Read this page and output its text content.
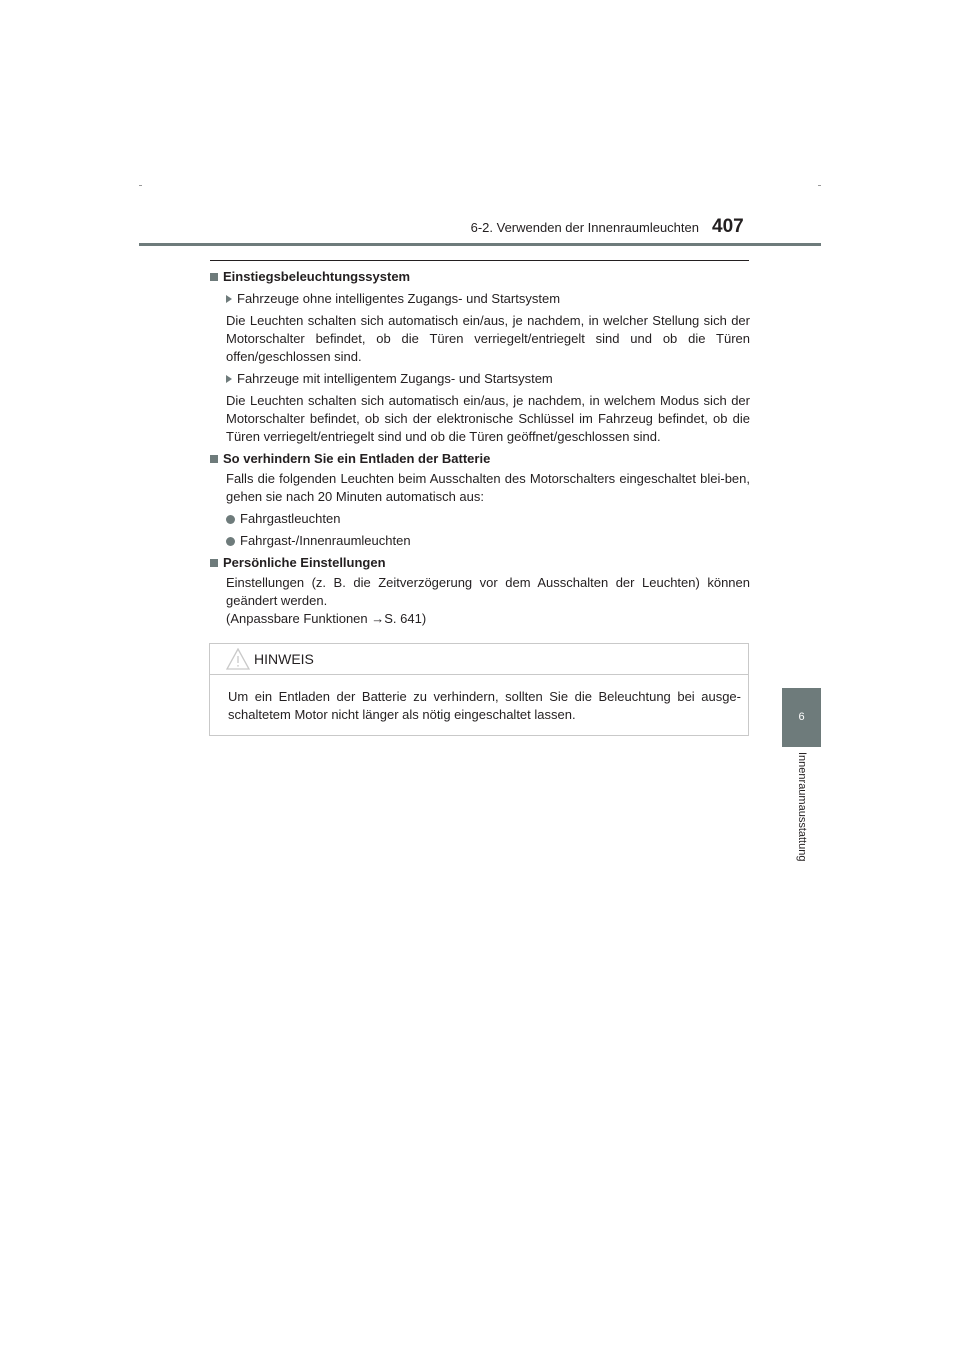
6-2. Verwenden der Innenraumleuchten 407
6
Innenraumausstattung

Einstiegsbeleuchtungssystem

Fahrzeuge ohne intelligentes Zugangs- und Startsystem

Die Leuchten schalten sich automatisch ein/aus, je nachdem, in welcher Stellung sich der Motorschalter befindet, ob die Türen verriegelt/entriegelt sind und ob die Türen offen/geschlossen sind.

Fahrzeuge mit intelligentem Zugangs- und Startsystem

Die Leuchten schalten sich automatisch ein/aus, je nachdem, in welchem Modus sich der Motorschalter befindet, ob sich der elektronische Schlüssel im Fahrzeug befindet, ob die Türen verriegelt/entriegelt sind und ob die Türen geöffnet/geschlossen sind.

So verhindern Sie ein Entladen der Batterie

Falls die folgenden Leuchten beim Ausschalten des Motorschalters eingeschaltet blei-ben, gehen sie nach 20 Minuten automatisch aus:

Fahrgastleuchten

Fahrgast-/Innenraumleuchten

Persönliche Einstellungen

Einstellungen (z. B. die Zeitverzögerung vor dem Ausschalten der Leuchten) können geändert werden.
(Anpassbare Funktionen →S. 641)

HINWEIS
Um ein Entladen der Batterie zu verhindern, sollten Sie die Beleuchtung bei ausge-schaltetem Motor nicht länger als nötig eingeschaltet lassen.
